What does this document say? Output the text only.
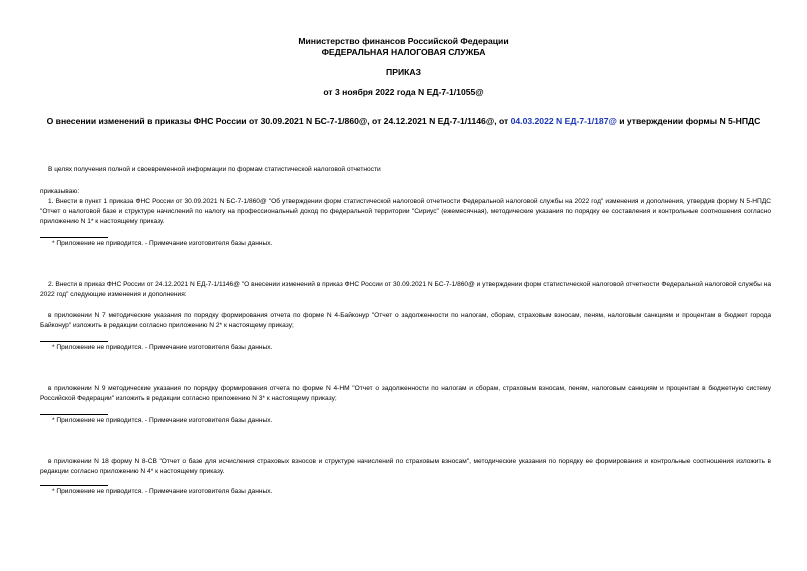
Министерство финансов Российской Федерации
ФЕДЕРАЛЬНАЯ НАЛОГОВАЯ СЛУЖБА
ПРИКАЗ
от 3 ноября 2022 года N ЕД-7-1/1055@
О внесении изменений в приказы ФНС России от 30.09.2021 N БС-7-1/860@, от 24.12.2021 N ЕД-7-1/1146@, от 04.03.2022 N ЕД-7-1/187@ и утверждении формы N 5-НПДС
В целях получения полной и своевременной информации по формам статистической налоговой отчетности
приказываю:
1. Внести в пункт 1 приказа ФНС России от 30.09.2021 N БС-7-1/860@ "Об утверждении форм статистической налоговой отчетности Федеральной налоговой службы на 2022 год" изменения и дополнения, утвердив форму N 5-НПДС "Отчет о налоговой базе и структуре начислений по налогу на профессиональный доход по федеральной территории "Сириус" (ежемесячная), методические указания по порядку ее составления и контрольные соотношения согласно приложению N 1* к настоящему приказу.
* Приложение не приводится. - Примечание изготовителя базы данных.
2. Внести в приказ ФНС России от 24.12.2021 N ЕД-7-1/1146@ "О внесении изменений в приказ ФНС России от 30.09.2021 N БС-7-1/860@ и утверждении форм статистической налоговой отчетности Федеральной налоговой службы на 2022 год" следующие изменения и дополнения:
в приложении N 7 методические указания по порядку формирования отчета по форме N 4-Байконур "Отчет о задолженности по налогам, сборам, страховым взносам, пеням, налоговым санкциям и процентам в бюджет города Байконур" изложить в редакции согласно приложению N 2* к настоящему приказу;
* Приложение не приводится. - Примечание изготовителя базы данных.
в приложении N 9 методические указания по порядку формирования отчета по форме N 4-НМ "Отчет о задолженности по налогам и сборам, страховым взносам, пеням, налоговым санкциям и процентам в бюджетную систему Российской Федерации" изложить в редакции согласно приложению N 3* к настоящему приказу;
* Приложение не приводится. - Примечание изготовителя базы данных.
в приложении N 18 форму N 8-СВ "Отчет о базе для исчисления страховых взносов и структуре начислений по страховым взносам", методические указания по порядку ее формирования и контрольные соотношения изложить в редакции согласно приложению N 4* к настоящему приказу.
* Приложение не приводится. - Примечание изготовителя базы данных.
